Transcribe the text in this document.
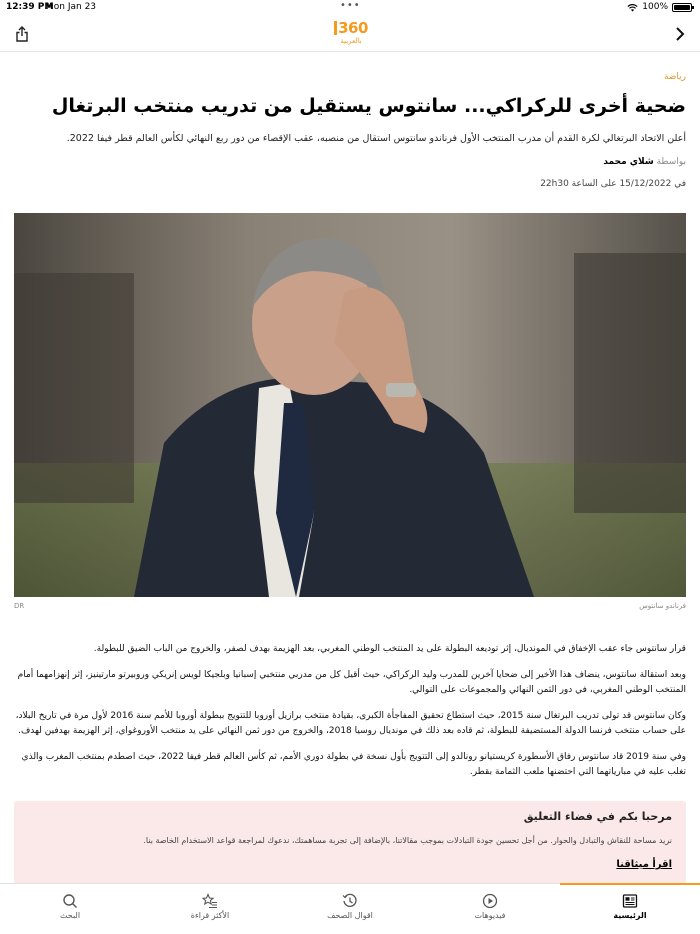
12:39 PM
Mon Jan 23	•••	100%
360
بالعربية
رياضة
ضحية أخرى للركراكي... سانتوس يستقيل من تدريب منتخب البرتغال

أعلن الاتحاد البرتغالي لكرة القدم أن مدرب المنتخب الأول فرناندو سانتوس استقال من منصبه، عقب الإقصاء من دور ربع النهائي لكأس العالم قطر فيفا 2022.

بواسطة شلاي محمد
في 15/12/2022 على الساعة 22h30
فرناندو سانتوس
DR

قرار سانتوس جاء عقب الإخفاق في المونديال، إثر توديعه البطولة على يد المنتخب الوطني المغربي، بعد الهزيمة بهدف لصفر، والخروج من الباب الضيق للبطولة.

وبعد استقالة سانتوس، ينضاف هذا الأخير إلى ضحايا آخرين للمدرب وليد الركراكي، حيث أقيل كل من مدربي منتخبي إسبانيا وبلجيكا لويس إنريكي وروبيرتو مارتينيز، إثر إنهزامهما أمام المنتخب الوطني المغربي، في دور الثمن النهائي والمجموعات على التوالي.

وكان سانتوس قد تولى تدريب البرتغال سنة 2015، حيث استطاع تحقيق المفاجأة الكبرى، بقيادة منتخب برازيل أوروبا للتتويج ببطولة أوروبا للأمم سنة 2016 لأول مرة في تاريخ البلاد، على حساب منتخب فرنسا الدولة المستضيفة للبطولة، ثم قاده بعد ذلك في مونديال روسيا 2018، والخروج من دور ثمن النهائي على يد منتخب الأوروغواي، إثر الهزيمة بهدفين لهدف.

وفي سنة 2019 قاد سانتوس رفاق الأسطورة كريستيانو رونالدو إلى التتويج بأول نسخة في بطولة دوري الأمم، ثم كأس العالم قطر فيفا 2022، حيث اصطدم بمنتخب المغرب والذي تغلب عليه في مبارياتهما التي احتضنها ملعب الثمامة بقطر.

مرحبا بكم في فضاء التعليق
نريد مساحة للنقاش والتبادل والحوار. من أجل تحسين جودة التبادلات بموجب مقالاتنا، بالإضافة إلى تجربة مساهمتك، ندعوك لمراجعة قواعد الاستخدام الخاصة بنا.
اقرأ ميثاقنا
البحث	الأكثر قراءة	اقوال الصحف	فيديوهات	الرئيسية
